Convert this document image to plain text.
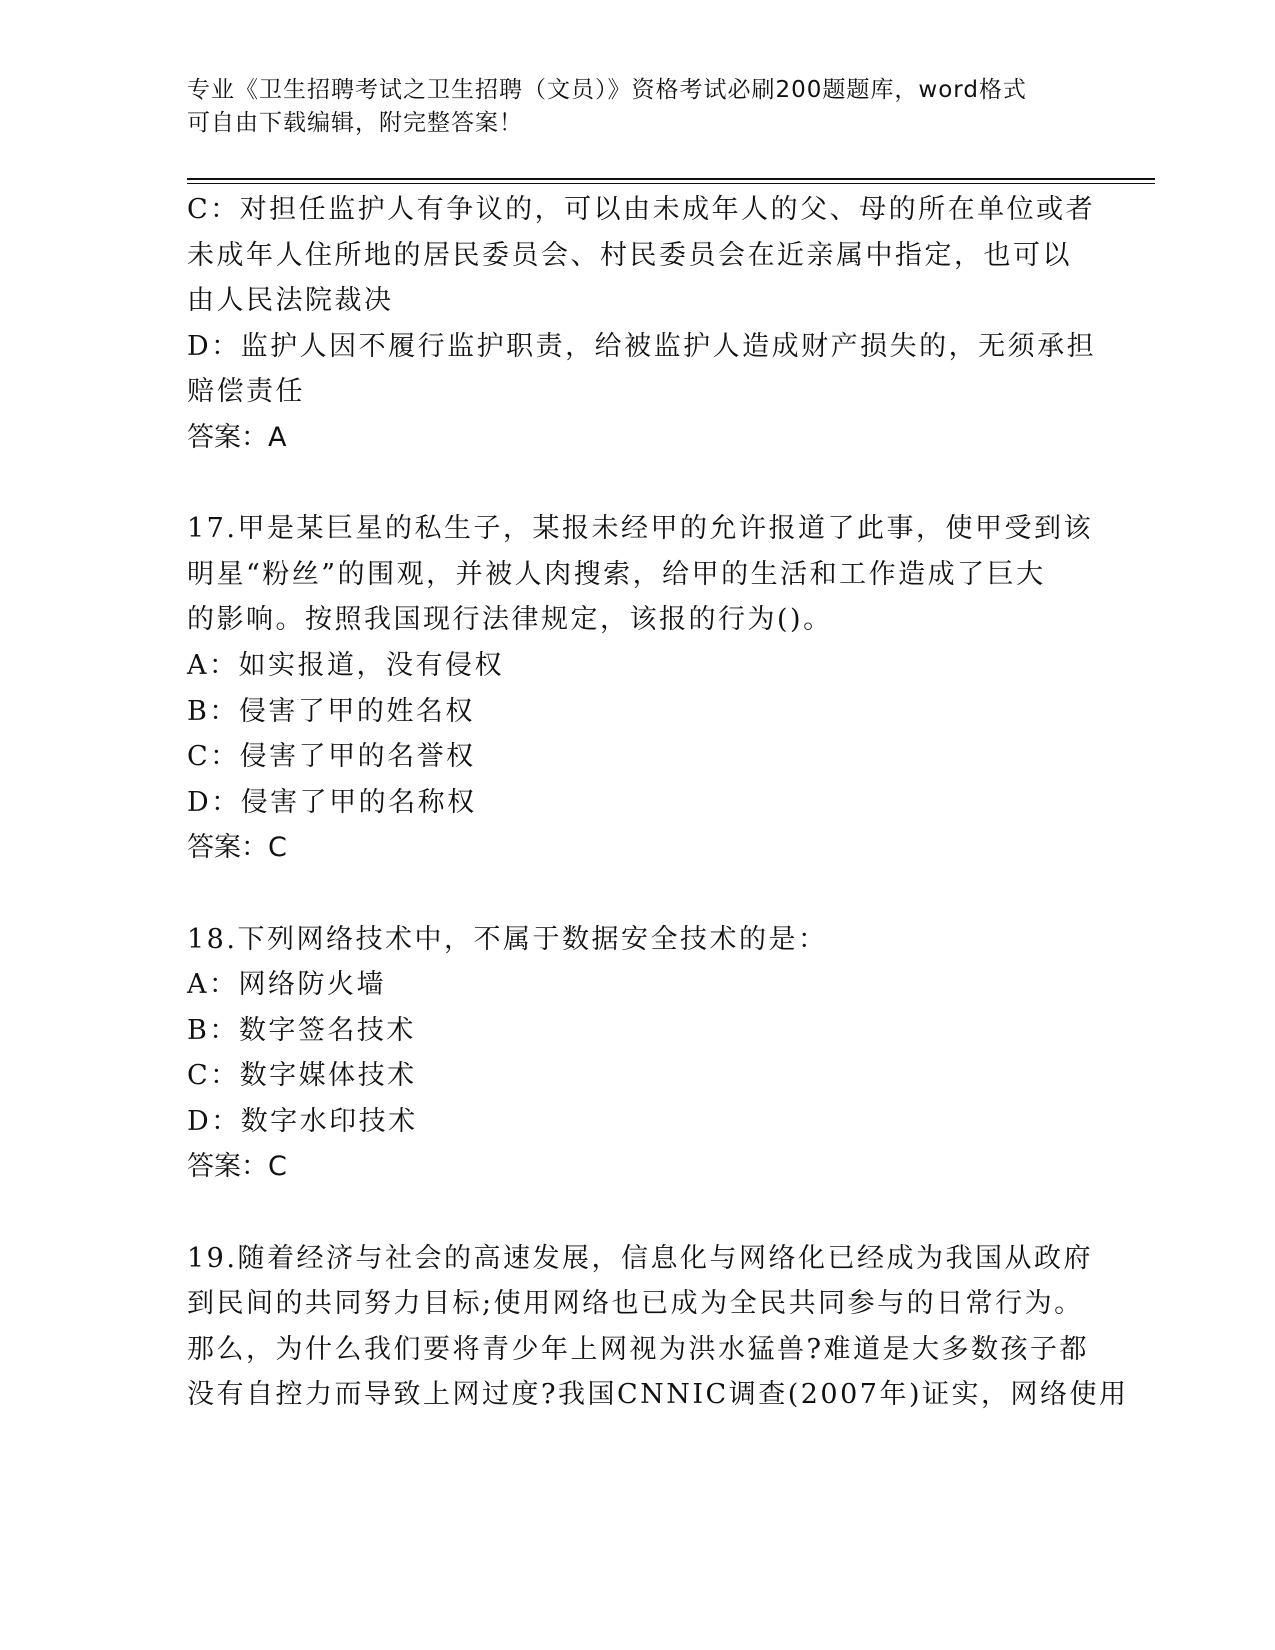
专业《卫生招聘考试之卫生招聘（文员）》资格考试必刷200题题库，word格式
可自由下载编辑，附完整答案！
C：对担任监护人有争议的，可以由未成年人的父、母的所在单位或者
未成年人住所地的居民委员会、村民委员会在近亲属中指定，也可以
由人民法院裁决
D：监护人因不履行监护职责，给被监护人造成财产损失的，无须承担
赔偿责任
答案：A
17.甲是某巨星的私生子，某报未经甲的允许报道了此事，使甲受到该
明星“粉丝”的围观，并被人肉搜索，给甲的生活和工作造成了巨大
的影响。按照我国现行法律规定，该报的行为()。
A：如实报道，没有侵权
B：侵害了甲的姓名权
C：侵害了甲的名誉权
D：侵害了甲的名称权
答案：C
18.下列网络技术中，不属于数据安全技术的是：
A：网络防火墙
B：数字签名技术
C：数字媒体技术
D：数字水印技术
答案：C
19.随着经济与社会的高速发展，信息化与网络化已经成为我国从政府
到民间的共同努力目标;使用网络也已成为全民共同参与的日常行为。
那么，为什么我们要将青少年上网视为洪水猛兽?难道是大多数孩子都
没有自控力而导致上网过度?我国CNNIC调查(2007年)证实，网络使用
